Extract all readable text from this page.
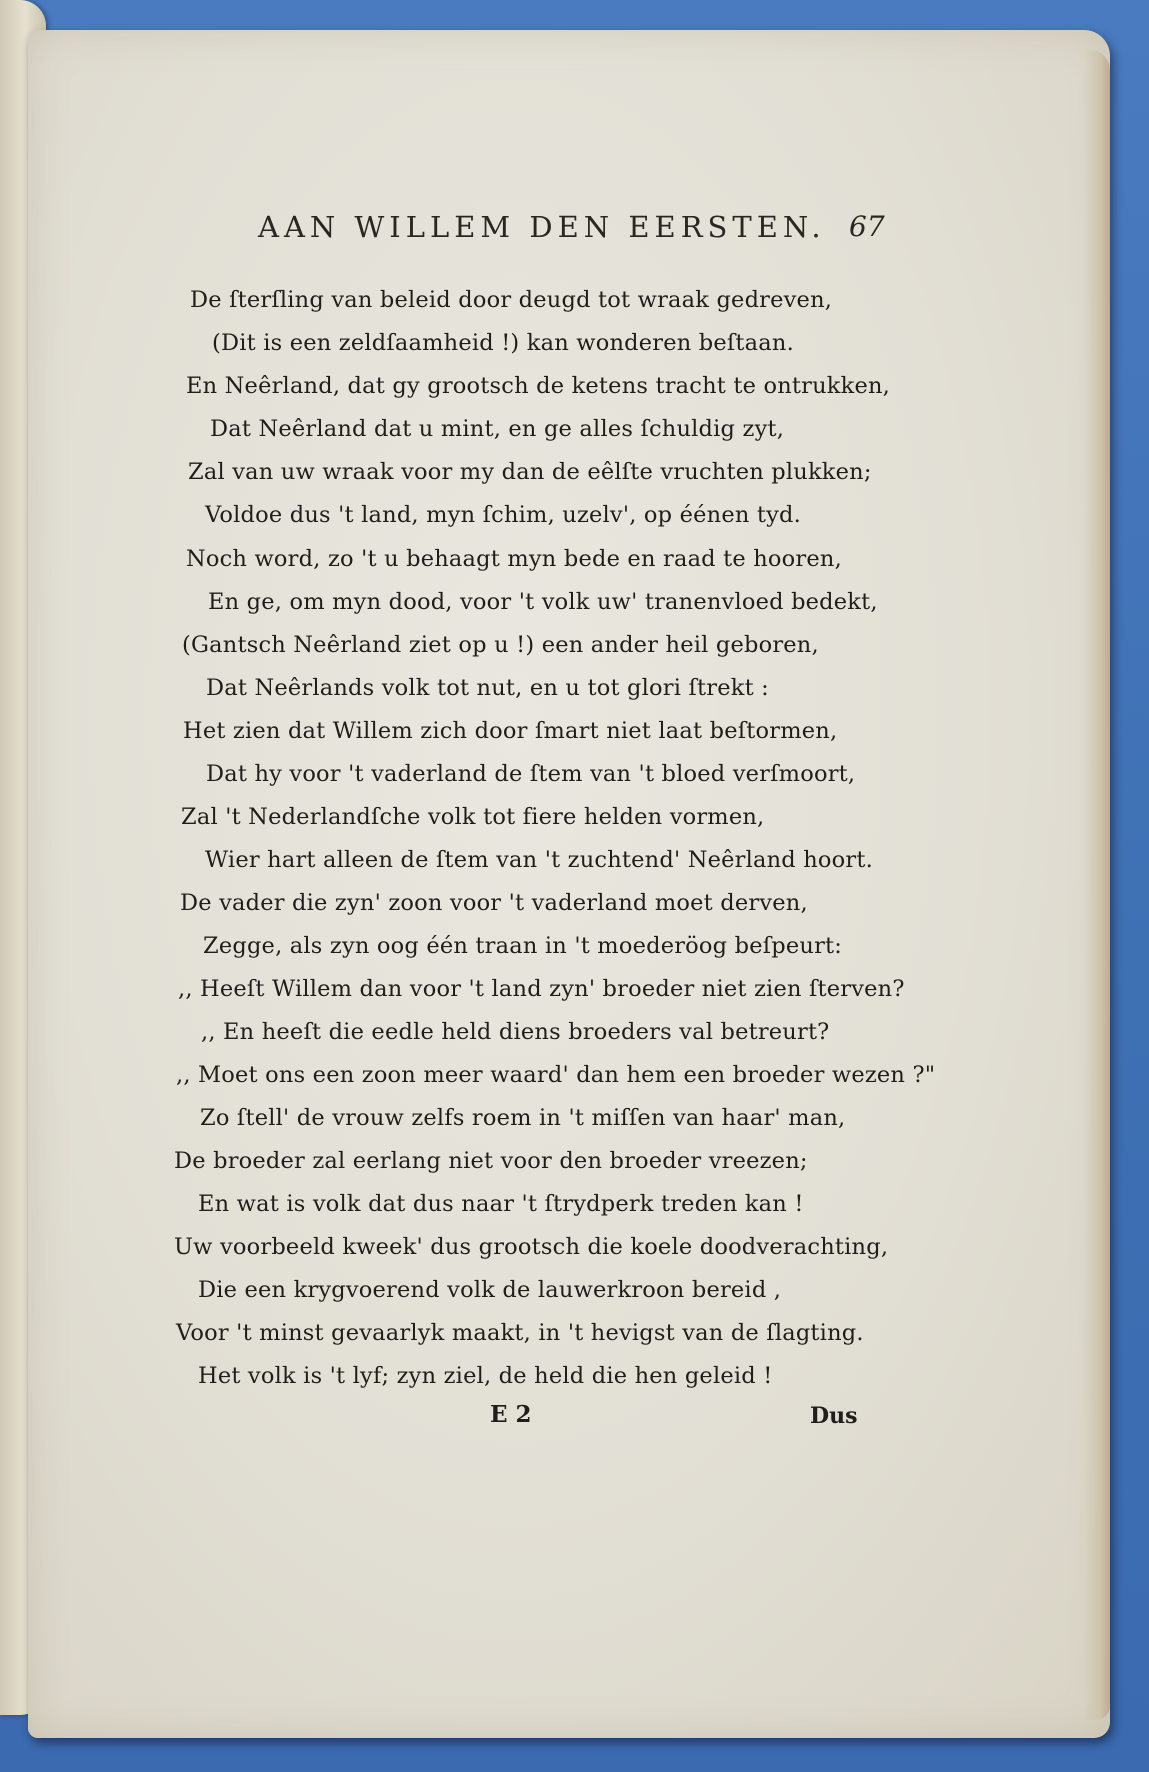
AAN WILLEM DEN EERSTEN. 67
De ſterſling van beleid door deugd tot wraak gedreven,
(Dit is een zeldſaamheid !) kan wonderen beſtaan.
En Neêrland, dat gy grootsch de ketens tracht te ontrukken,
Dat Neêrland dat u mint, en ge alles ſchuldig zyt,
Zal van uw wraak voor my dan de eêlſte vruchten plukken;
Voldoe dus 't land, myn ſchim, uzelv', op éénen tyd.
Noch word, zo 't u behaagt myn bede en raad te hooren,
En ge, om myn dood, voor 't volk uw' tranenvloed bedekt,
(Gantsch Neêrland ziet op u !) een ander heil geboren,
Dat Neêrlands volk tot nut, en u tot glori ſtrekt :
Het zien dat Willem zich door ſmart niet laat beſtormen,
Dat hy voor 't vaderland de ſtem van 't bloed verſmoort,
Zal 't Nederlandſche volk tot fiere helden vormen,
Wier hart alleen de ſtem van 't zuchtend' Neêrland hoort.
De vader die zyn' zoon voor 't vaderland moet derven,
Zegge, als zyn oog één traan in 't moederöog beſpeurt:
,, Heeſt Willem dan voor 't land zyn' broeder niet zien ſterven?
,, En heeſt die eedle held diens broeders val betreurt?
,, Moet ons een zoon meer waard' dan hem een broeder wezen ?"
Zo ſtell' de vrouw zelfs roem in 't miſſen van haar' man,
De broeder zal eerlang niet voor den broeder vreezen;
En wat is volk dat dus naar 't ſtrydperk treden kan !
Uw voorbeeld kweek' dus grootsch die koele doodverachting,
Die een krygvoerend volk de lauwerkroon bereid ,
Voor 't minst gevaarlyk maakt, in 't hevigst van de ſlagting.
Het volk is 't lyf; zyn ziel, de held die hen geleid !
E 2	Dus
